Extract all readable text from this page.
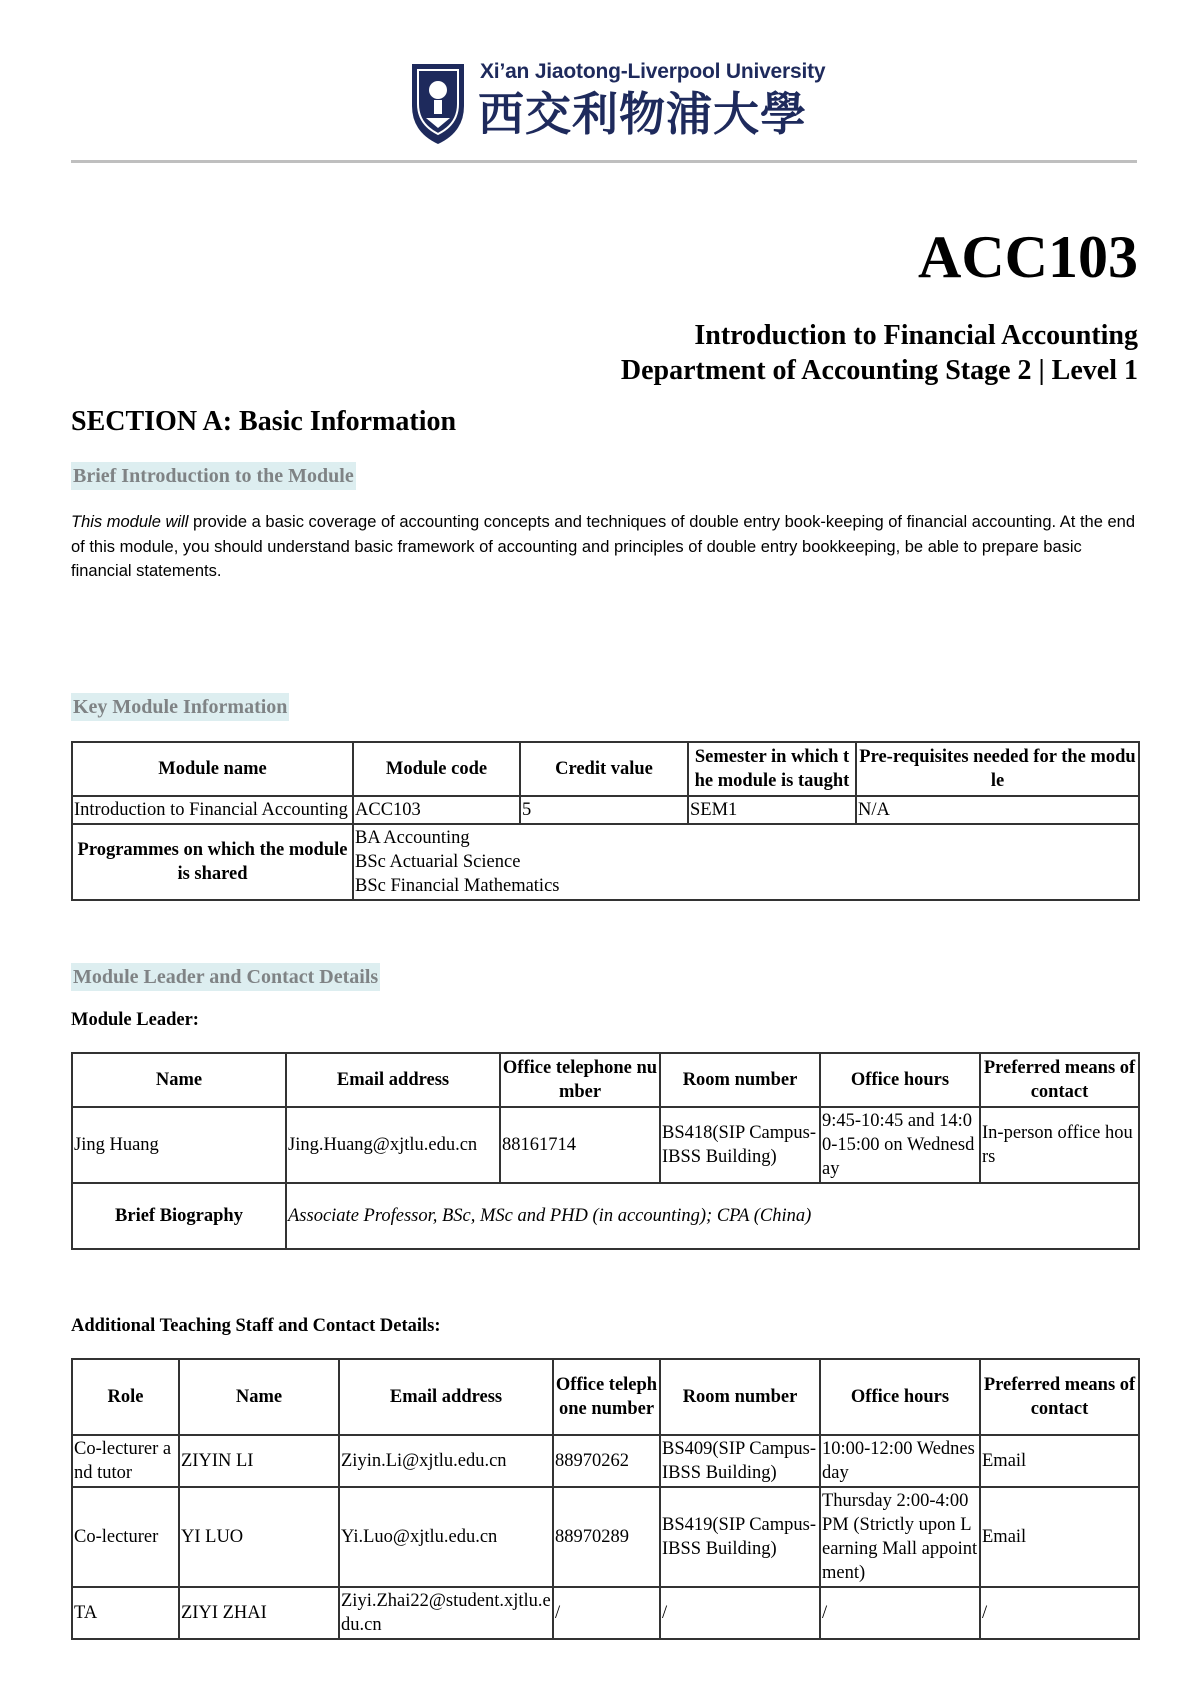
Xi’an Jiaotong-Liverpool University
西交利物浦大學
ACC103
Introduction to Financial Accounting
Department of Accounting Stage 2 | Level 1
SECTION A: Basic Information
Brief Introduction to the Module
This module will provide a basic coverage of accounting concepts and techniques of double entry book-keeping of financial accounting. At the end of this module, you should understand basic framework of accounting and principles of double entry bookkeeping, be able to prepare basic financial statements.
Key Module Information
Module name	Module code	Credit value	Semester in which the module is taught	Pre-requisites needed for the module
Introduction to Financial Accounting	ACC103	5	SEM1	N/A
Programmes on which the module is shared	BA Accounting
BSc Actuarial Science
BSc Financial Mathematics			
Module Leader and Contact Details
Module Leader:
Name	Email address	Office telephone number	Room number	Office hours	Preferred means of contact
Jing Huang	Jing.Huang@xjtlu.edu.cn	88161714	BS418(SIP Campus-IBSS Building)	9:45-10:45 and 14:00-15:00 on Wednesday	In-person office hours
Brief Biography	Associate Professor, BSc, MSc and PHD (in accounting); CPA (China)				
Additional Teaching Staff and Contact Details:
Role	Name	Email address	Office telephone number	Room number	Office hours	Preferred means of contact
Co-lecturer and tutor	ZIYIN LI	Ziyin.Li@xjtlu.edu.cn	88970262	BS409(SIP Campus-IBSS Building)	10:00-12:00 Wednesday	Email
Co-lecturer	YI LUO	Yi.Luo@xjtlu.edu.cn	88970289	BS419(SIP Campus-IBSS Building)	Thursday 2:00-4:00 PM (Strictly upon Learning Mall appointment)	Email
TA	ZIYI ZHAI	Ziyi.Zhai22@student.xjtlu.edu.cn	/	/	/	/
